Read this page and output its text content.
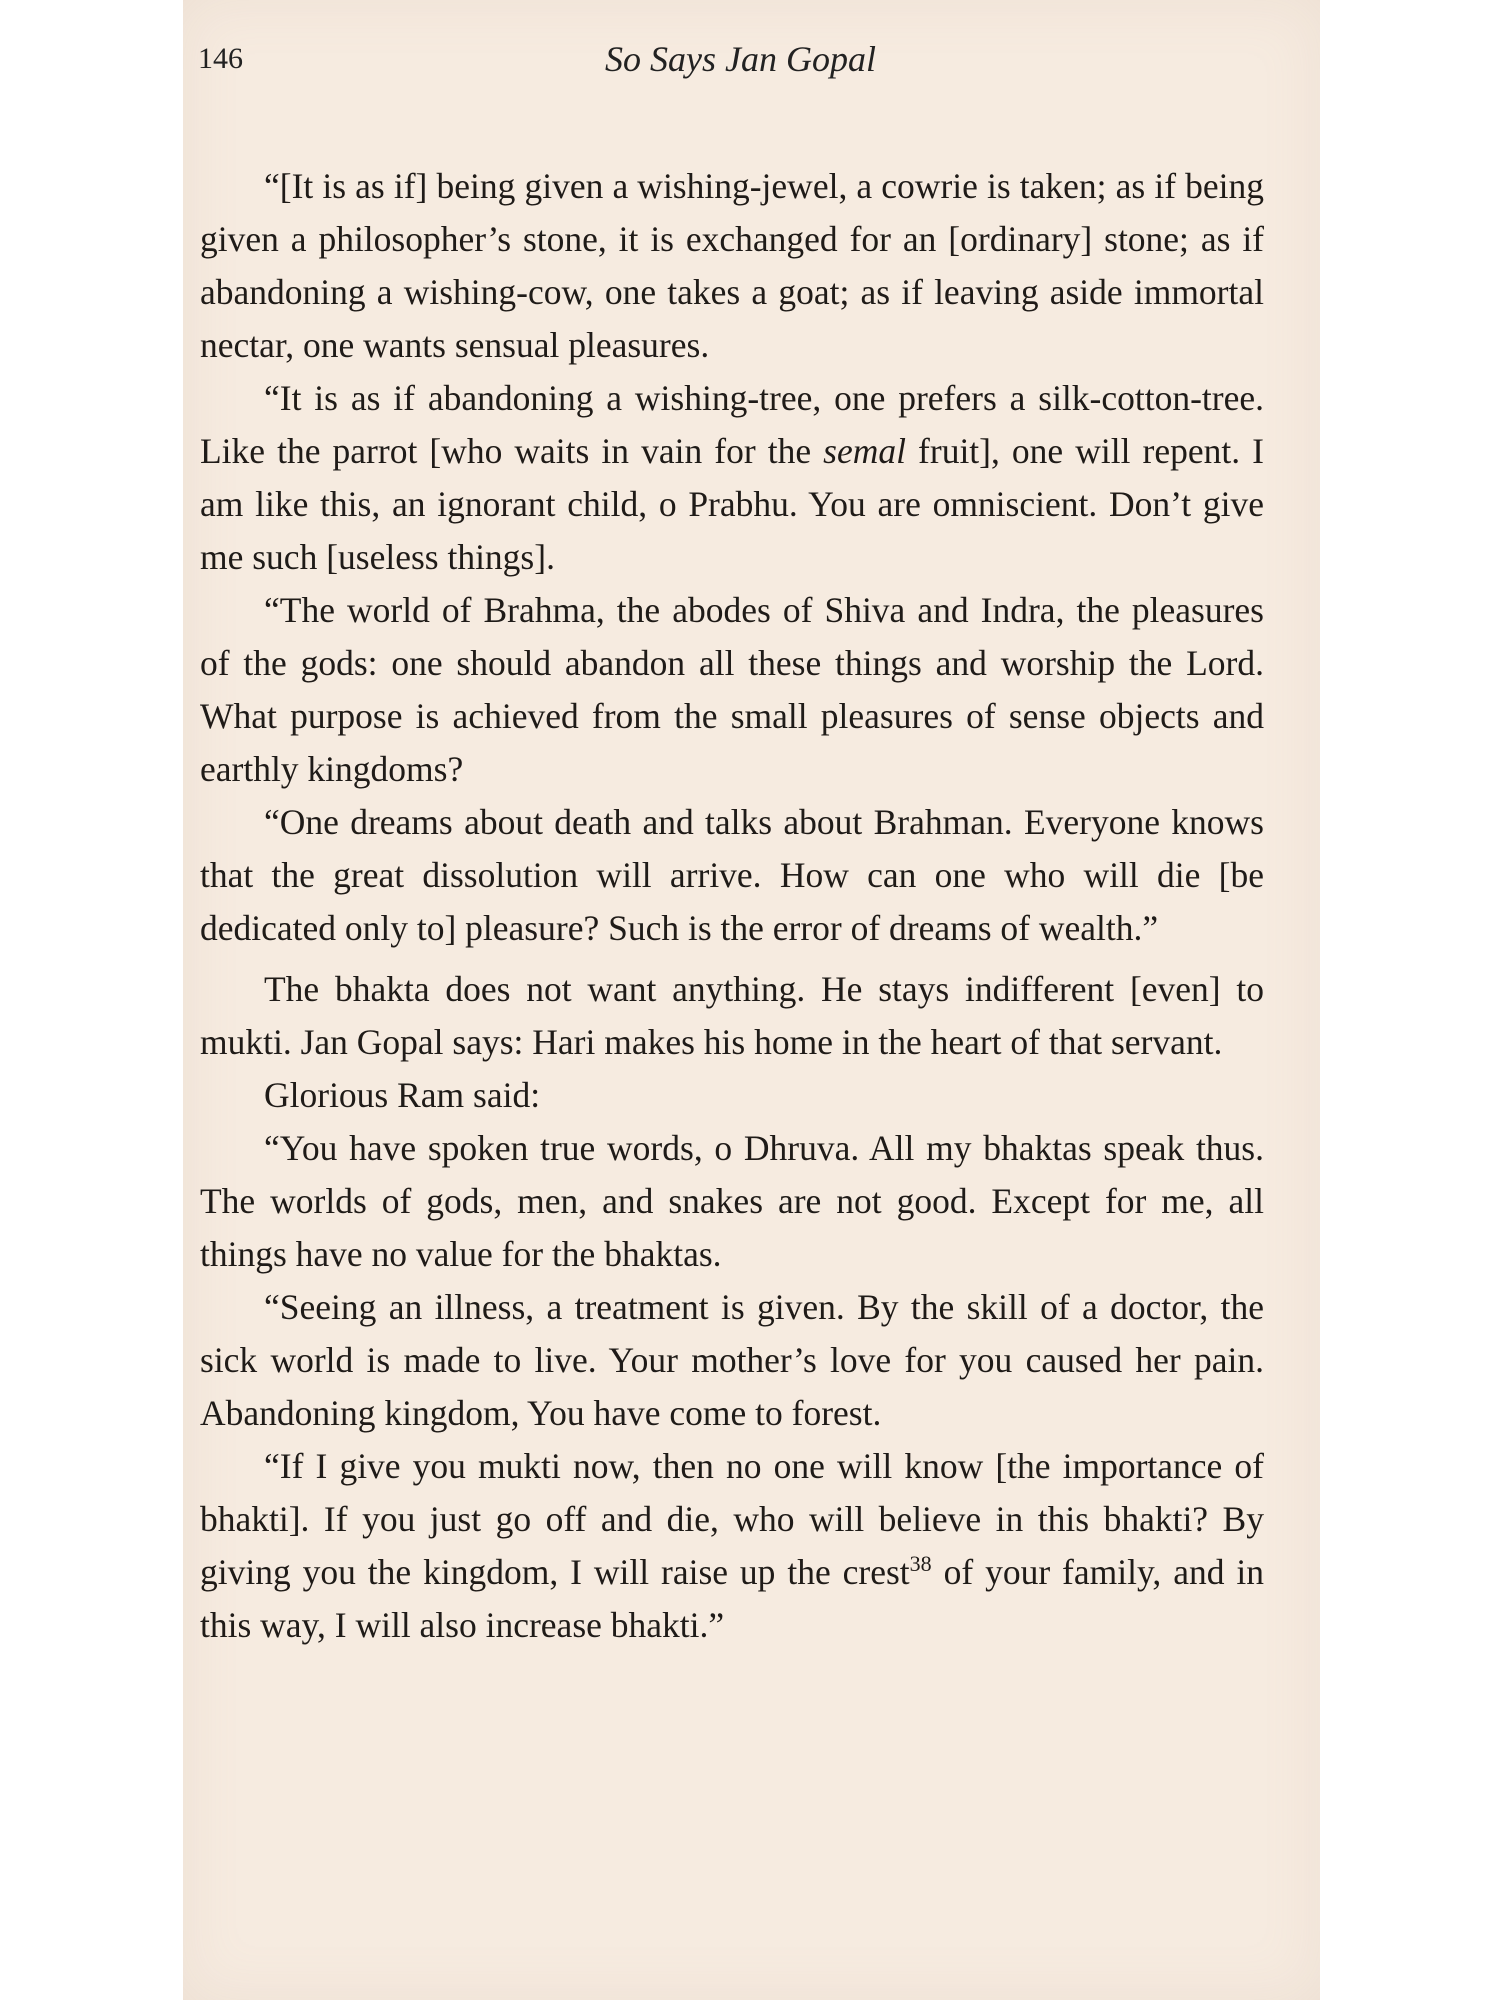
146	So Says Jan Gopal

“[It is as if] being given a wishing-jewel, a cowrie is taken; as if being given a philosopher’s stone, it is exchanged for an [ordinary] stone; as if abandoning a wishing-cow, one takes a goat; as if leaving aside immortal nectar, one wants sensual pleasures.

“It is as if abandoning a wishing-tree, one prefers a silk-cotton-tree. Like the parrot [who waits in vain for the semal fruit], one will repent. I am like this, an ignorant child, o Prabhu. You are omniscient. Don’t give me such [useless things].

“The world of Brahma, the abodes of Shiva and Indra, the pleasures of the gods: one should abandon all these things and worship the Lord. What purpose is achieved from the small pleasures of sense objects and earthly kingdoms?

“One dreams about death and talks about Brahman. Everyone knows that the great dissolution will arrive. How can one who will die [be dedicated only to] pleasure? Such is the error of dreams of wealth.”

The bhakta does not want anything. He stays indifferent [even] to mukti. Jan Gopal says: Hari makes his home in the heart of that servant.

Glorious Ram said:

“You have spoken true words, o Dhruva. All my bhaktas speak thus. The worlds of gods, men, and snakes are not good. Except for me, all things have no value for the bhaktas.

“Seeing an illness, a treatment is given. By the skill of a doctor, the sick world is made to live. Your mother’s love for you caused her pain. Abandoning kingdom, You have come to forest.

“If I give you mukti now, then no one will know [the importance of bhakti]. If you just go off and die, who will believe in this bhakti? By giving you the kingdom, I will raise up the crest$^{38}$ of your family, and in this way, I will also increase bhakti.”
